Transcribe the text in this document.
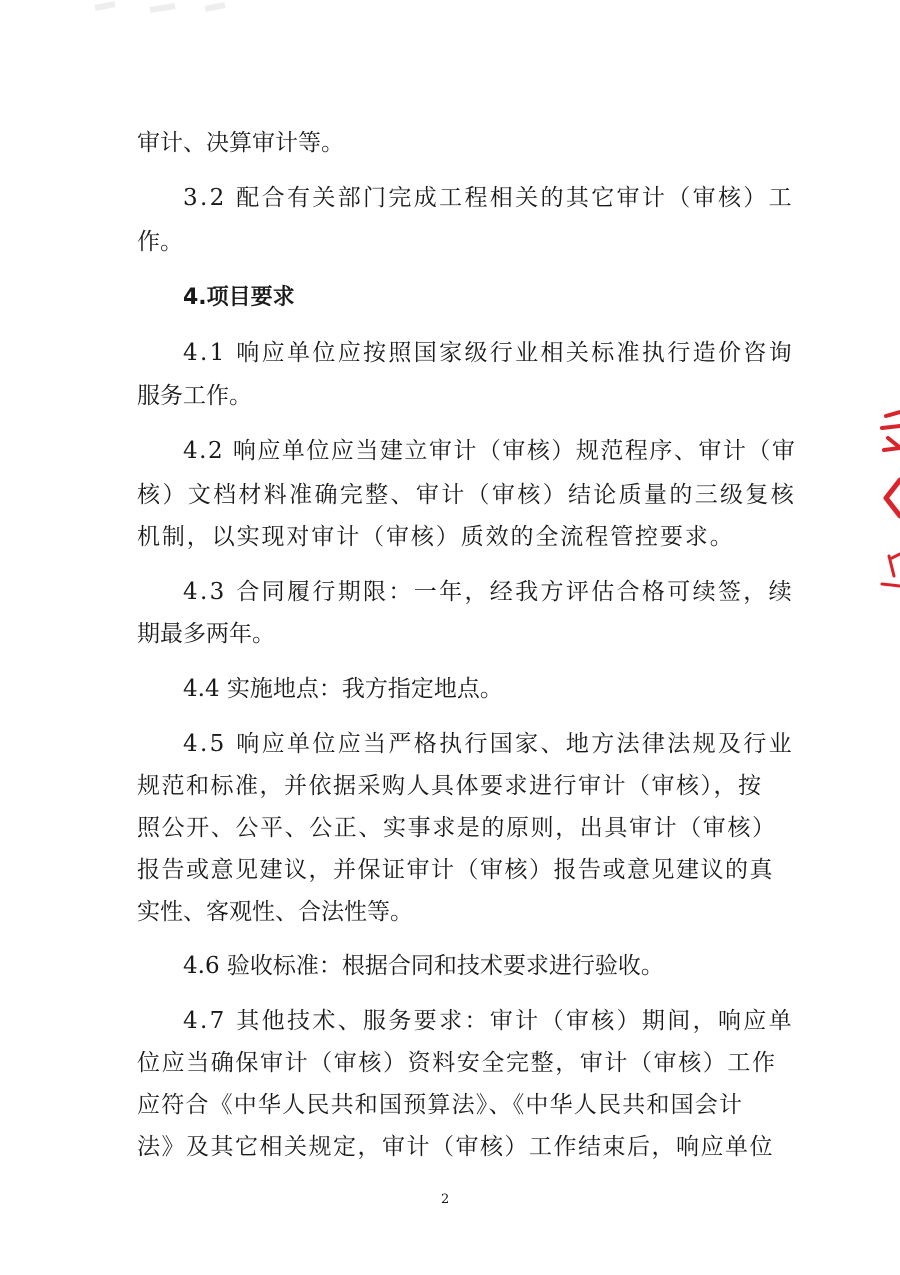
审计、决算审计等。
3.2 配合有关部门完成工程相关的其它审计（审核）工
作。
4.项目要求
4.1 响应单位应按照国家级行业相关标准执行造价咨询
服务工作。
4.2 响应单位应当建立审计（审核）规范程序、审计（审
核）文档材料准确完整、审计（审核）结论质量的三级复核
机制，以实现对审计（审核）质效的全流程管控要求。
4.3 合同履行期限：一年，经我方评估合格可续签，续
期最多两年。
4.4 实施地点：我方指定地点。
4.5 响应单位应当严格执行国家、地方法律法规及行业
规范和标准，并依据采购人具体要求进行审计（审核），按
照公开、公平、公正、实事求是的原则，出具审计（审核）
报告或意见建议，并保证审计（审核）报告或意见建议的真
实性、客观性、合法性等。
4.6 验收标准：根据合同和技术要求进行验收。
4.7 其他技术、服务要求：审计（审核）期间，响应单
位应当确保审计（审核）资料安全完整，审计（审核）工作
应符合《中华人民共和国预算法》、《中华人民共和国会计
法》及其它相关规定，审计（审核）工作结束后，响应单位
2
